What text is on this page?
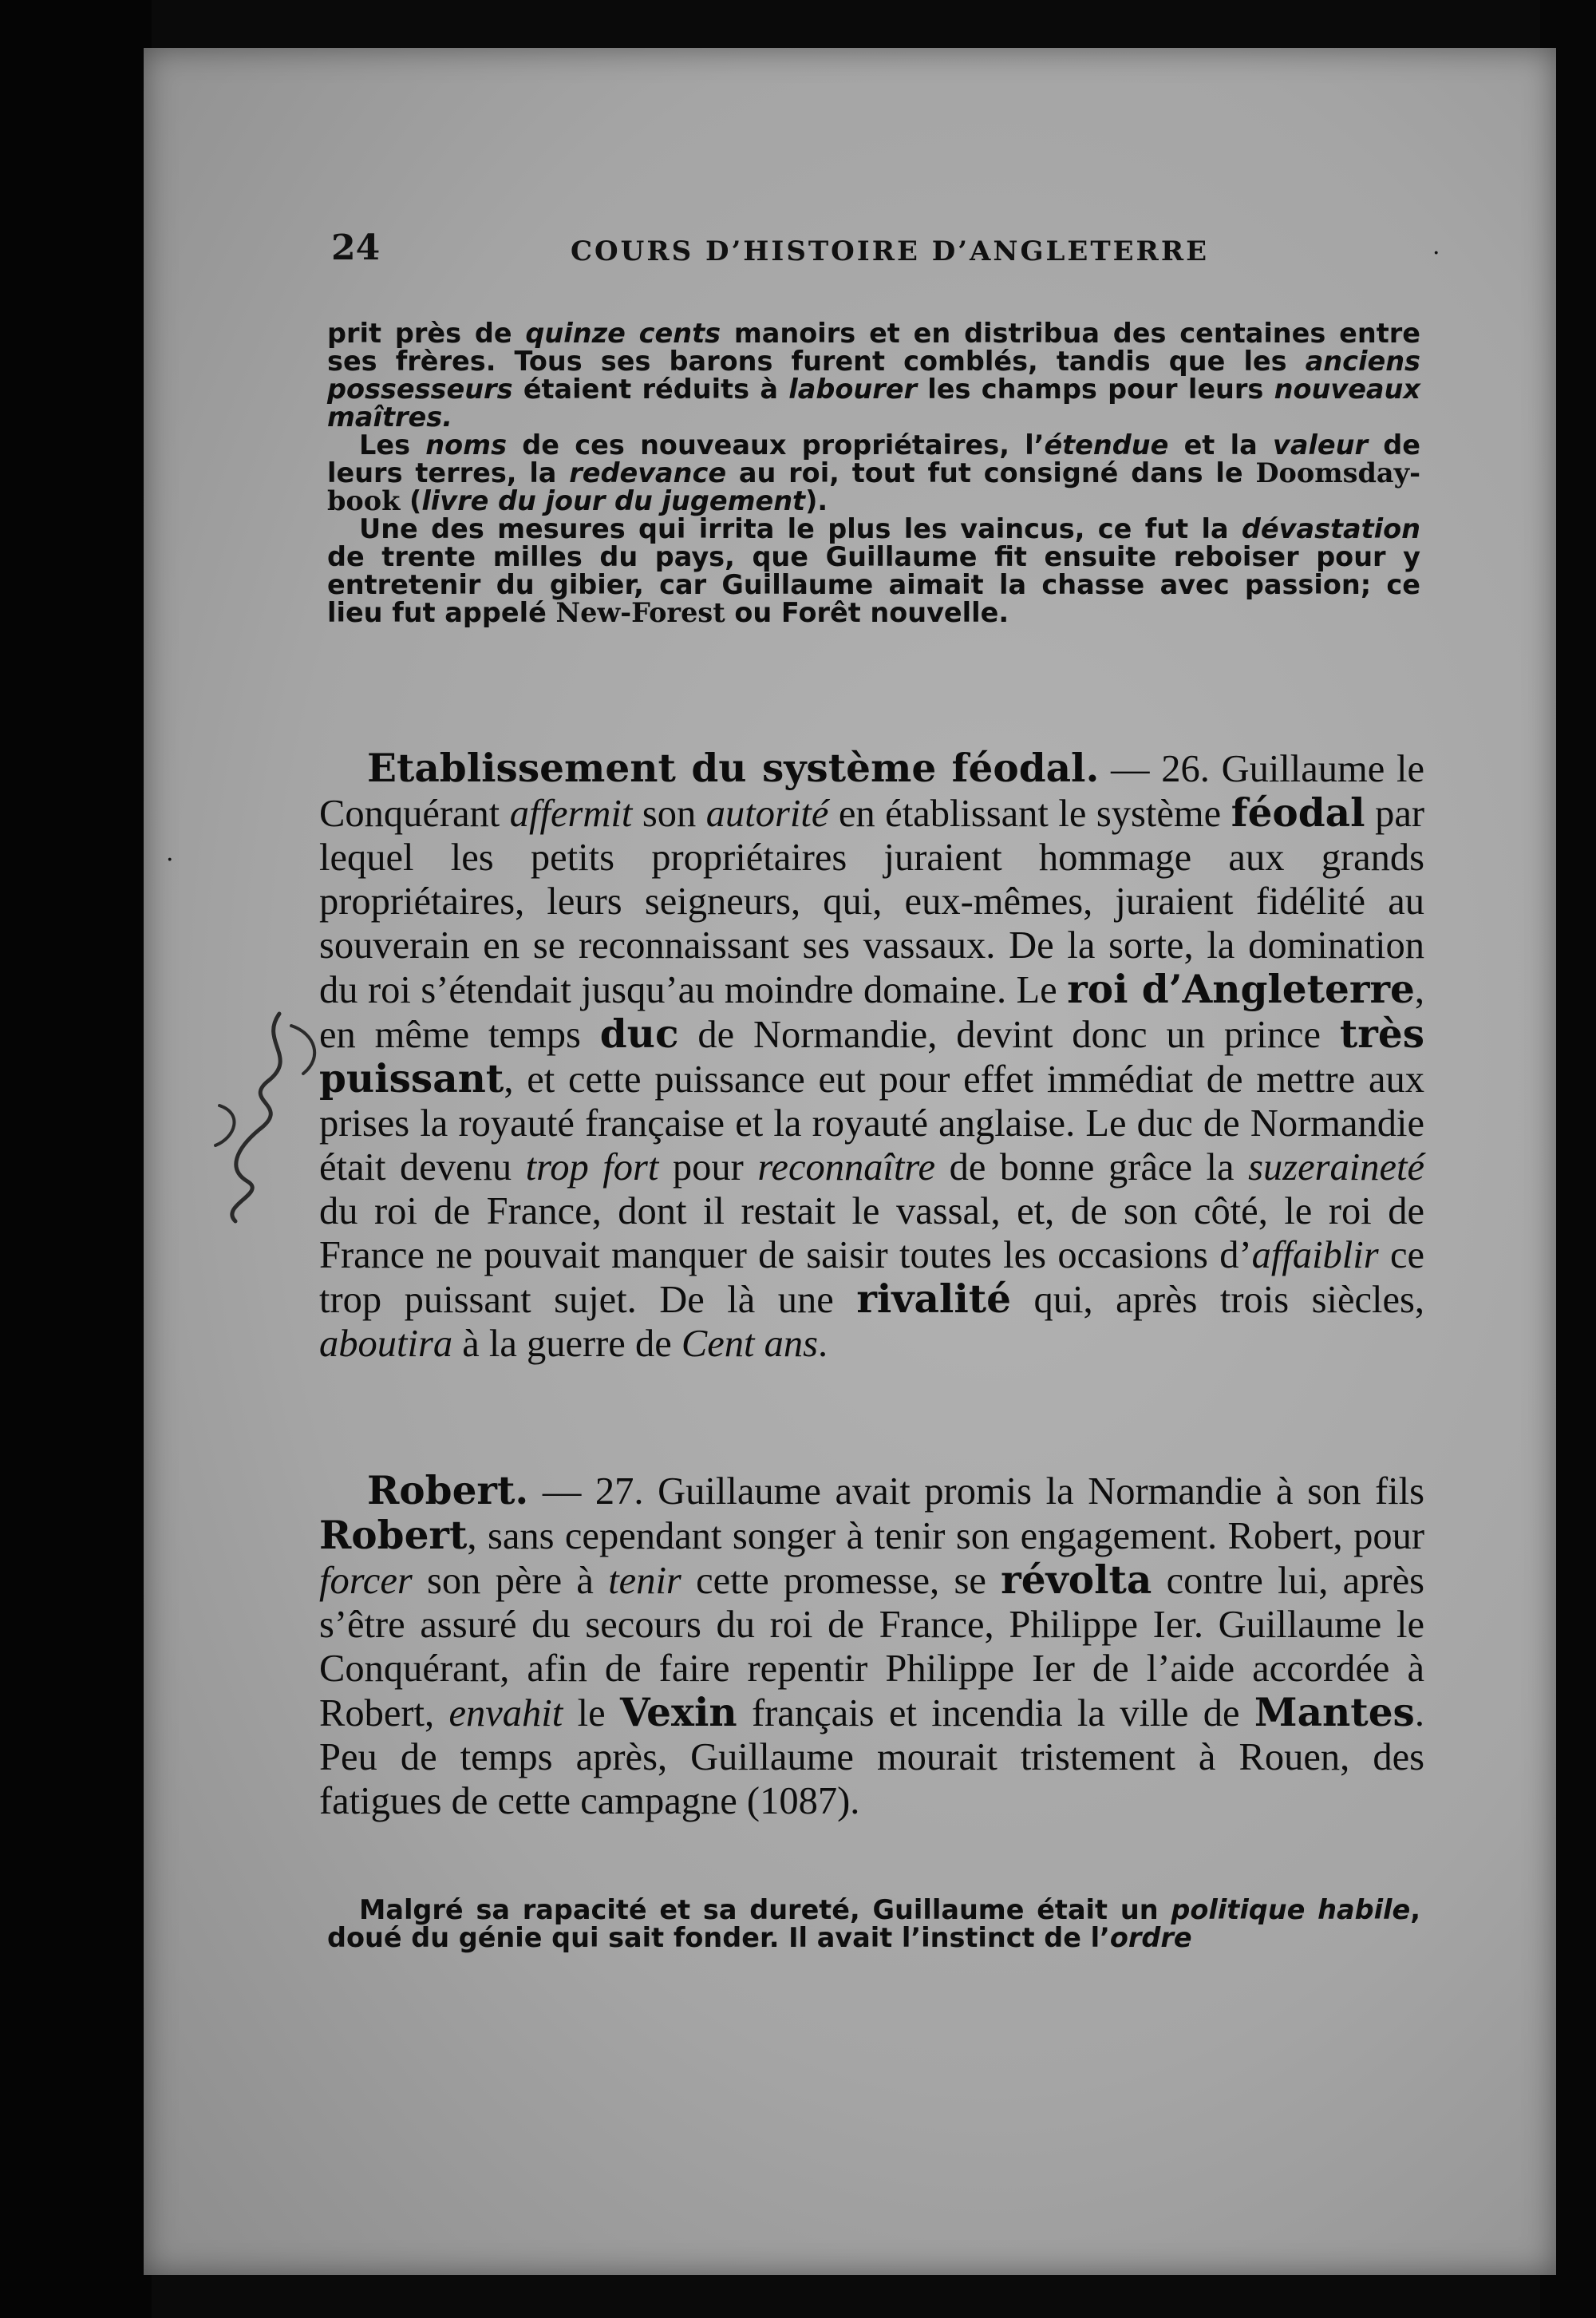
24	COURS D’HISTOIRE D’ANGLETERRE

prit près de quinze cents manoirs et en distribua des centaines entre ses frères. Tous ses barons furent comblés, tandis que les anciens possesseurs étaient réduits à labourer les champs pour leurs nouveaux maîtres.

Les noms de ces nouveaux propriétaires, l’étendue et la valeur de leurs terres, la redevance au roi, tout fut consigné dans le Doomsday-book (livre du jour du jugement).

Une des mesures qui irrita le plus les vaincus, ce fut la dévastation de trente milles du pays, que Guillaume fit ensuite reboiser pour y entretenir du gibier, car Guillaume aimait la chasse avec passion; ce lieu fut appelé New-Forest ou Forêt nouvelle.

Etablissement du système féodal. — 26. Guillaume le Conquérant affermit son autorité en établissant le système féodal par lequel les petits propriétaires juraient hommage aux grands propriétaires, leurs seigneurs, qui, eux-mêmes, juraient fidélité au souverain en se reconnaissant ses vassaux. De la sorte, la domination du roi s’étendait jusqu’au moindre domaine. Le roi d’Angleterre, en même temps duc de Normandie, devint donc un prince très puissant, et cette puissance eut pour effet immédiat de mettre aux prises la royauté française et la royauté anglaise. Le duc de Normandie était devenu trop fort pour reconnaître de bonne grâce la suzeraineté du roi de France, dont il restait le vassal, et, de son côté, le roi de France ne pouvait manquer de saisir toutes les occasions d’affaiblir ce trop puissant sujet. De là une rivalité qui, après trois siècles, aboutira à la guerre de Cent ans.

Robert. — 27. Guillaume avait promis la Normandie à son fils Robert, sans cependant songer à tenir son engagement. Robert, pour forcer son père à tenir cette promesse, se révolta contre lui, après s’être assuré du secours du roi de France, Philippe Ier. Guillaume le Conquérant, afin de faire repentir Philippe Ier de l’aide accordée à Robert, envahit le Vexin français et incendia la ville de Mantes. Peu de temps après, Guillaume mourait tristement à Rouen, des fatigues de cette campagne (1087).

Malgré sa rapacité et sa dureté, Guillaume était un politique habile, doué du génie qui sait fonder. Il avait l’instinct de l’ordre

·
·
